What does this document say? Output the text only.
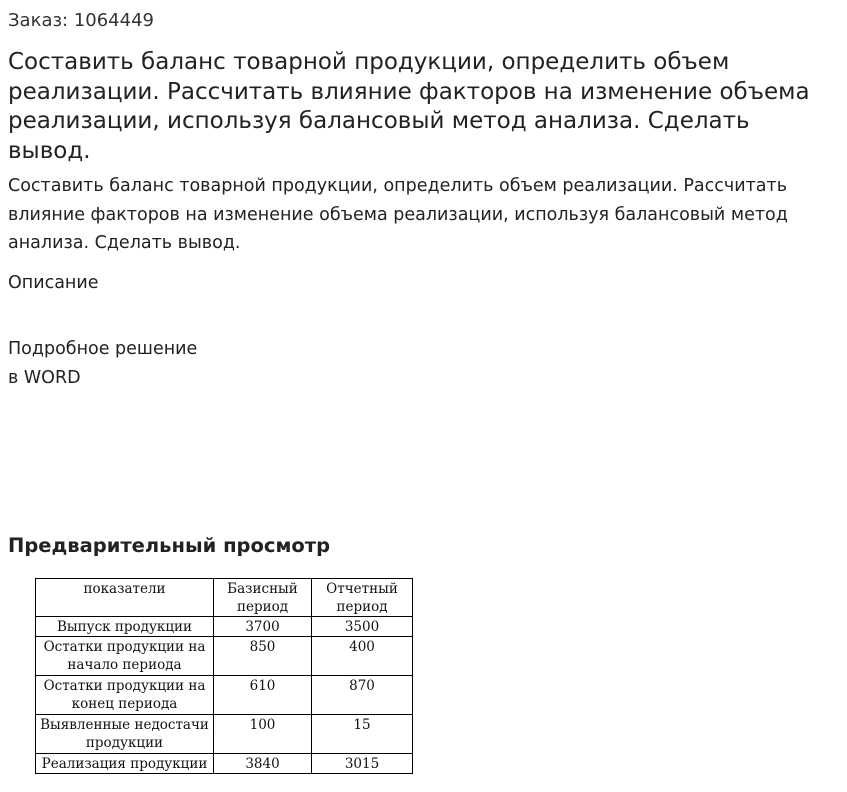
Заказ: 1064449

Составить баланс товарной продукции, определить объем реализации. Рассчитать влияние факторов на изменение объема реализации, используя балансовый метод анализа. Сделать вывод.

Составить баланс товарной продукции, определить объем реализации. Рассчитать влияние факторов на изменение объема реализации, используя балансовый метод анализа. Сделать вывод.

Описание

Подробное решение
в WORD
Предварительный просмотр
показатели	Базисный период	Отчетный период
Выпуск продукции	3700	3500
Остатки продукции на начало периода	850	400
Остатки продукции на конец периода	610	870
Выявленные недостачи продукции	100	15
Реализация продукции	3840	3015
